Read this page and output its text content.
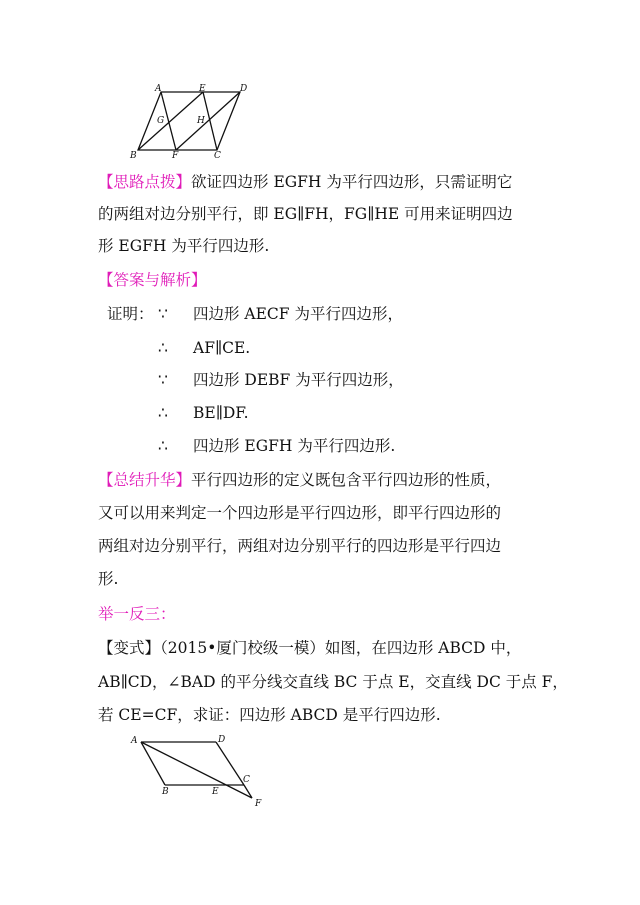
A	E	D
G	H
B	F	C
【思路点拨】欲证四边形 EGFH 为平行四边形，只需证明它
的两组对边分别平行，即 EG∥FH，FG∥HE 可用来证明四边
形 EGFH 为平行四边形.
【答案与解析】
证明： ∵ 四边形 AECF 为平行四边形，
∴ AF∥CE.
∵ 四边形 DEBF 为平行四边形，
∴ BE∥DF.
∴ 四边形 EGFH 为平行四边形.
【总结升华】平行四边形的定义既包含平行四边形的性质，
又可以用来判定一个四边形是平行四边形，即平行四边形的
两组对边分别平行，两组对边分别平行的四边形是平行四边
形.
举一反三：
【变式】（2015•厦门校级一模）如图，在四边形 ABCD 中，
AB∥CD，∠BAD 的平分线交直线 BC 于点 E，交直线 DC 于点 F，
若 CE=CF，求证：四边形 ABCD 是平行四边形.
A	D
C
B	E
F
